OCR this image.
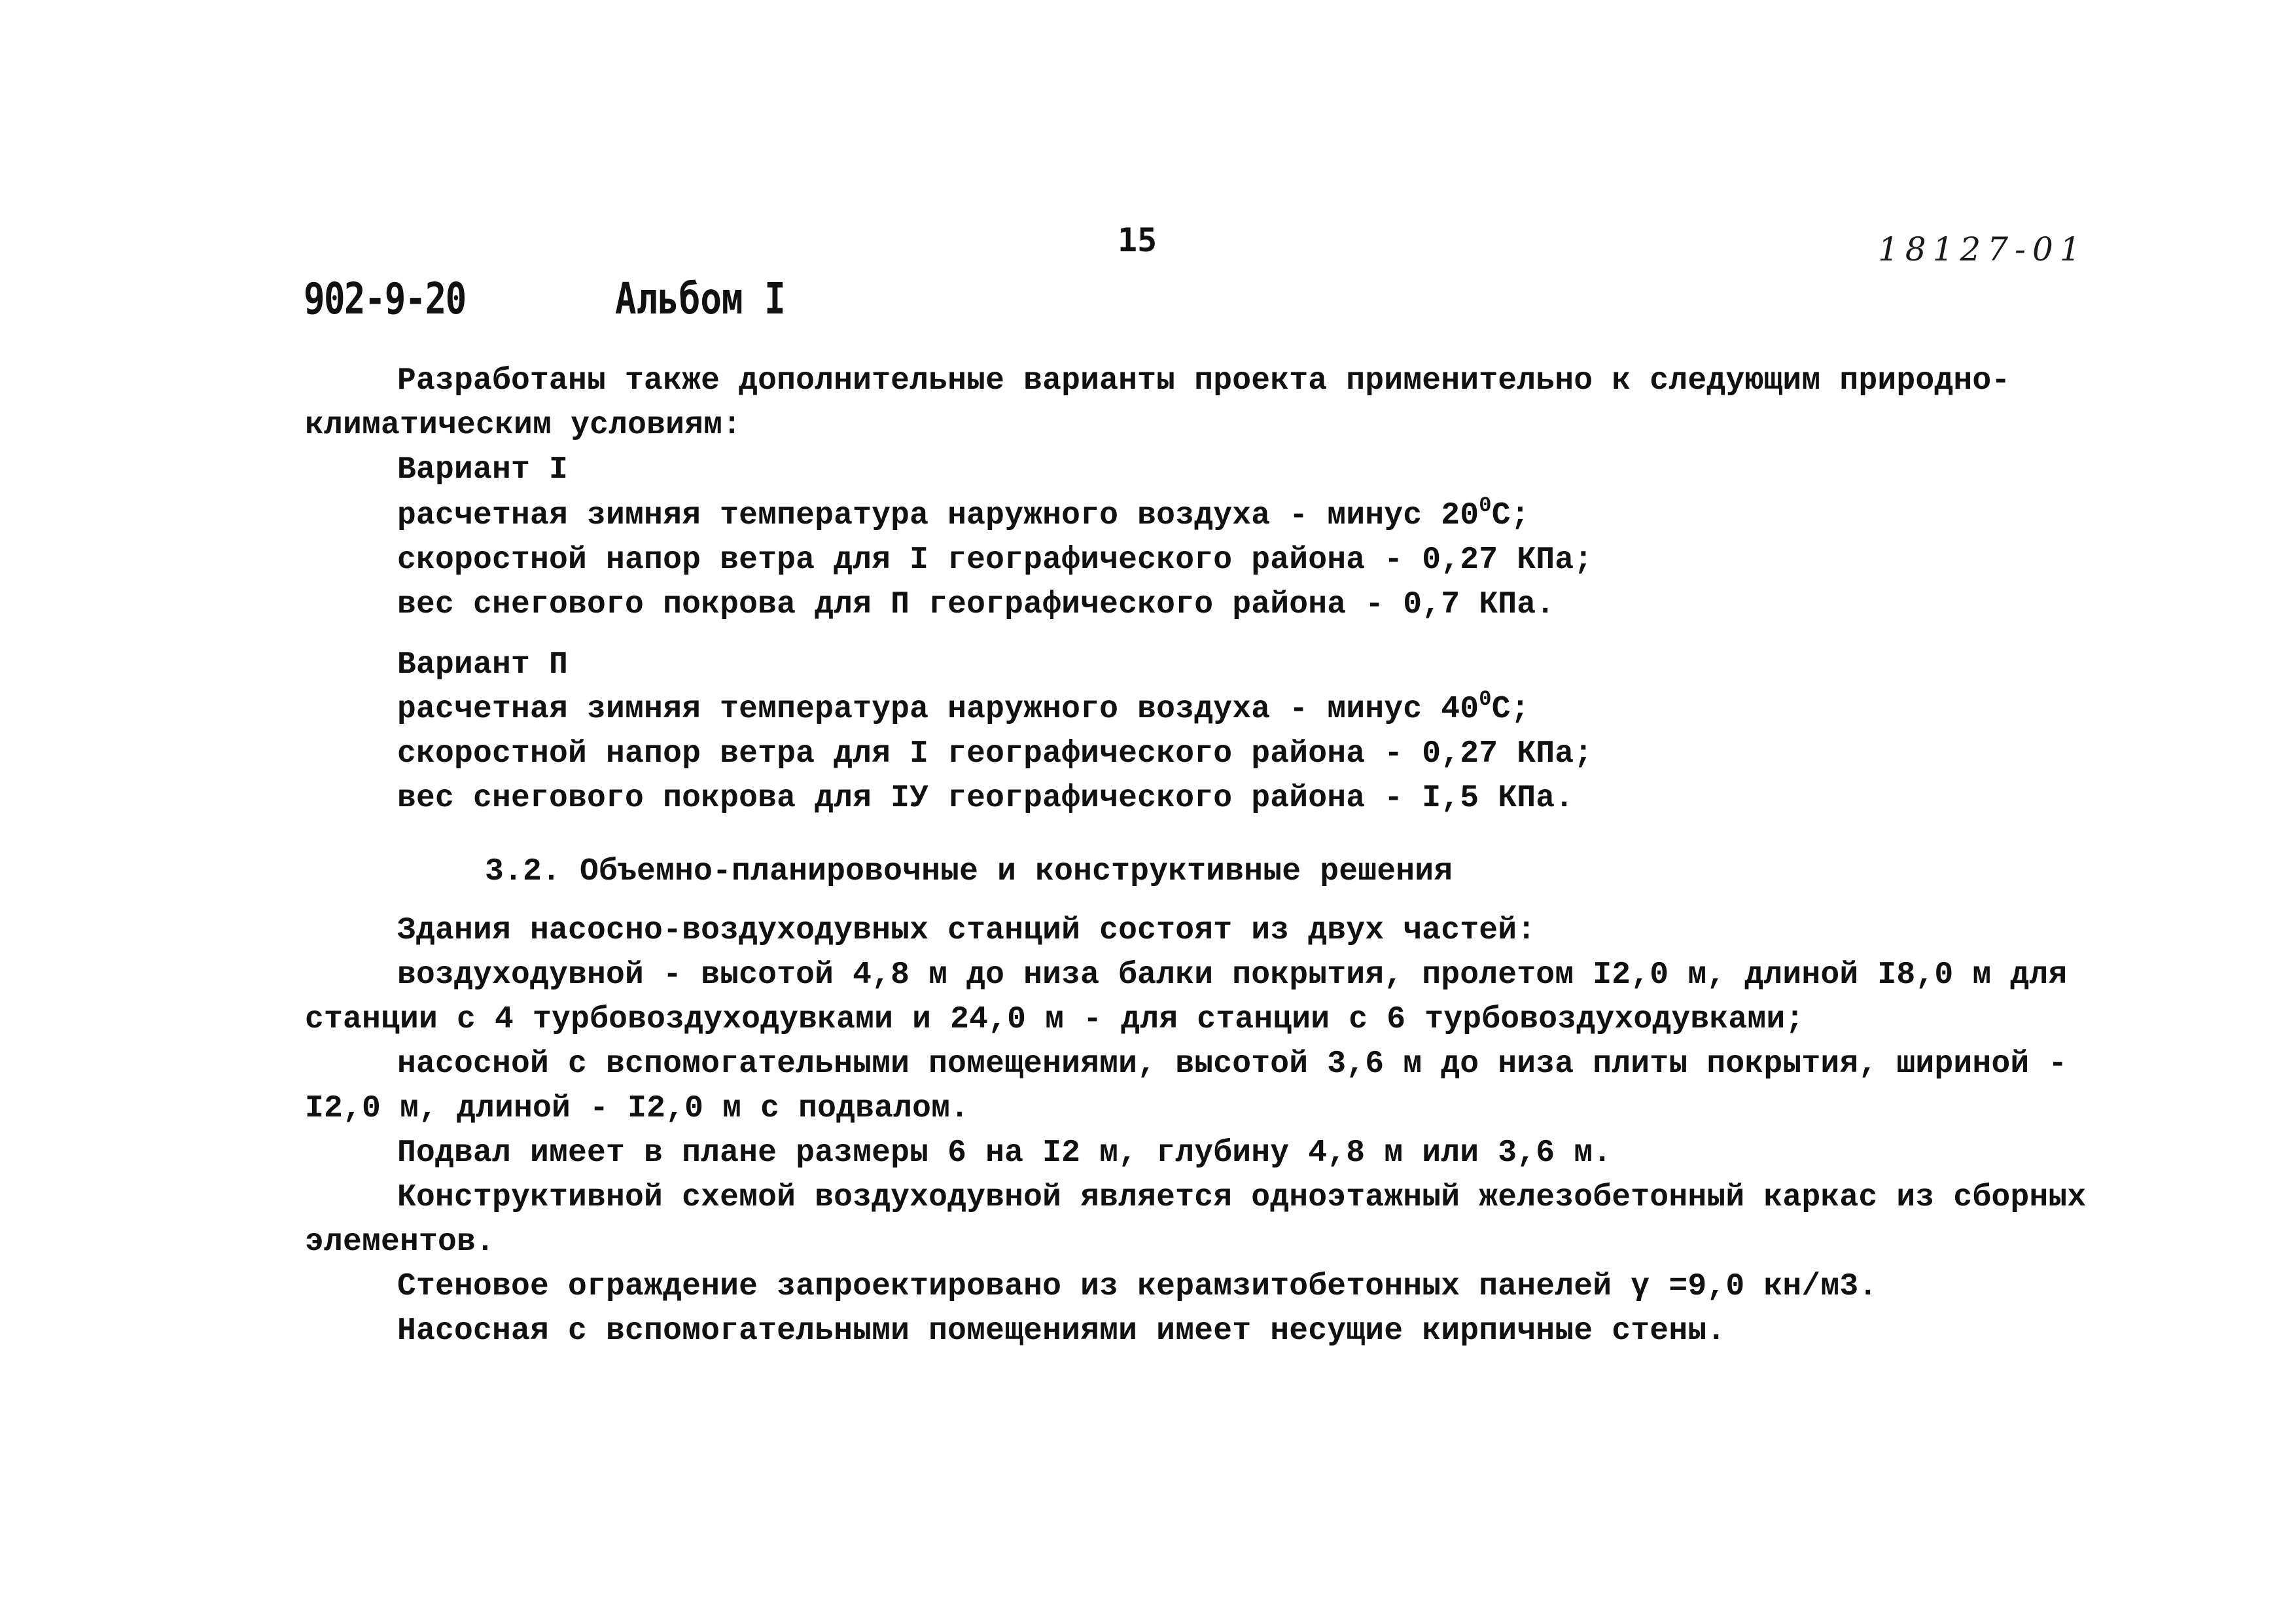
15	18127-01
902-9-20	Альбом I
Разработаны также дополнительные варианты проекта применительно к следующим природно-
климатическим условиям:
Вариант I
расчетная зимняя температура наружного воздуха - минус $20^0С$;
скоростной напор ветра для I географического района - 0,27 КПа;
вес снегового покрова для П географического района - 0,7 КПа.
Вариант П
расчетная зимняя температура наружного воздуха - минус $40^0С$;
скоростной напор ветра для I географического района - 0,27 КПа;
вес снегового покрова для IУ географического района - I,5 КПа.
3.2. Объемно-планировочные и конструктивные решения
Здания насосно-воздуходувных станций состоят из двух частей:
воздуходувной - высотой 4,8 м до низа балки покрытия, пролетом I2,0 м, длиной I8,0 м для
станции с 4 турбовоздуходувками и 24,0 м - для станции с 6 турбовоздуходувками;
насосной с вспомогательными помещениями, высотой 3,6 м до низа плиты покрытия, шириной -
I2,0 м, длиной - I2,0 м с подвалом.
Подвал имеет в плане размеры 6 на I2 м, глубину 4,8 м или 3,6 м.
Конструктивной схемой воздуходувной является одноэтажный железобетонный каркас из сборных
элементов.
Стеновое ограждение запроектировано из керамзитобетонных панелей γ =9,0 кн/м3.
Насосная с вспомогательными помещениями имеет несущие кирпичные стены.
